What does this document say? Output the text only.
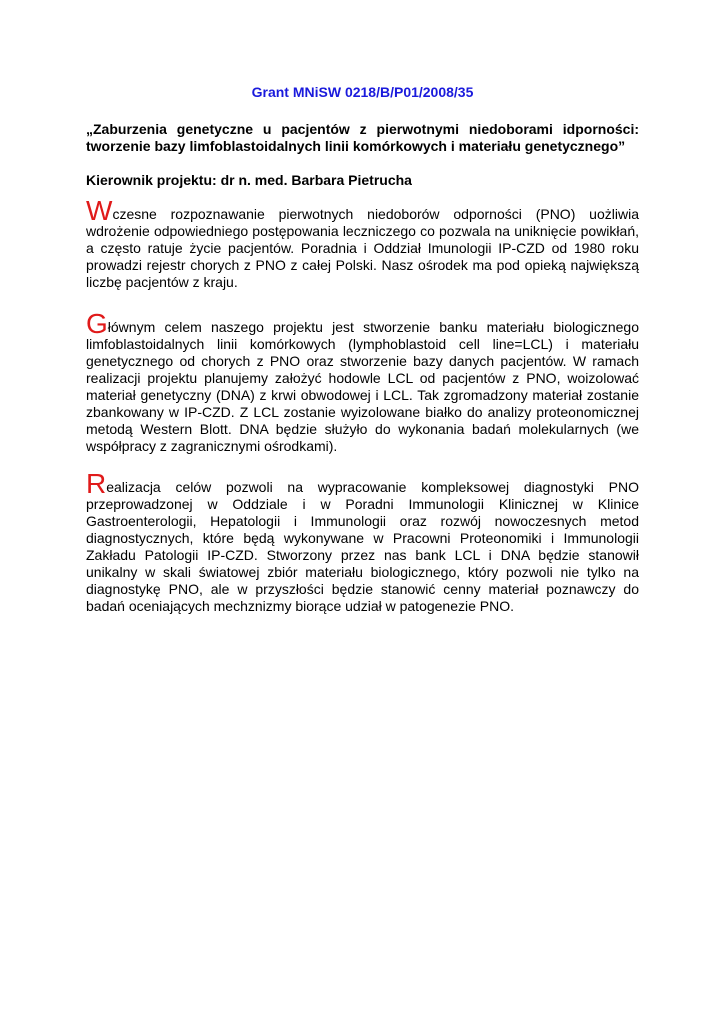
Grant MNiSW 0218/B/P01/2008/35
„Zaburzenia genetyczne u pacjentów z pierwotnymi niedoborami idporności: tworzenie bazy limfoblastoidalnych linii komórkowych i materiału genetycznego”
Kierownik projektu: dr n. med. Barbara Pietrucha

Wczesne rozpoznawanie pierwotnych niedoborów odporności (PNO) uożliwia wdrożenie odpowiedniego postępowania leczniczego co pozwala na uniknięcie powikłań, a często ratuje życie pacjentów. Poradnia i Oddział Imunologii IP-CZD od 1980 roku prowadzi rejestr chorych z PNO z całej Polski. Nasz ośrodek ma pod opieką największą liczbę pacjentów z kraju.

Głównym celem naszego projektu jest stworzenie banku materiału biologicznego limfoblastoidalnych linii komórkowych (lymphoblastoid cell line=LCL) i materiału genetycznego od chorych z PNO oraz stworzenie bazy danych pacjentów. W ramach realizacji projektu planujemy założyć hodowle LCL od pacjentów z PNO, woizolować materiał genetyczny (DNA) z krwi obwodowej i LCL. Tak zgromadzony materiał zostanie zbankowany w IP-CZD. Z LCL zostanie wyizolowane białko do analizy proteonomicznej metodą Western Blott. DNA będzie służyło do wykonania badań molekularnych (we współpracy z zagranicznymi ośrodkami).

Realizacja celów pozwoli na wypracowanie kompleksowej diagnostyki PNO przeprowadzonej w Oddziale i w Poradni Immunologii Klinicznej w Klinice Gastroenterologii, Hepatologii i Immunologii oraz rozwój nowoczesnych metod diagnostycznych, które będą wykonywane w Pracowni Proteonomiki i Immunologii Zakładu Patologii IP-CZD. Stworzony przez nas bank LCL i DNA będzie stanowił unikalny w skali światowej zbiór materiału biologicznego, który pozwoli nie tylko na diagnostykę PNO, ale w przyszłości będzie stanowić cenny materiał poznawczy do badań oceniających mechznizmy biorące udział w patogenezie PNO.
